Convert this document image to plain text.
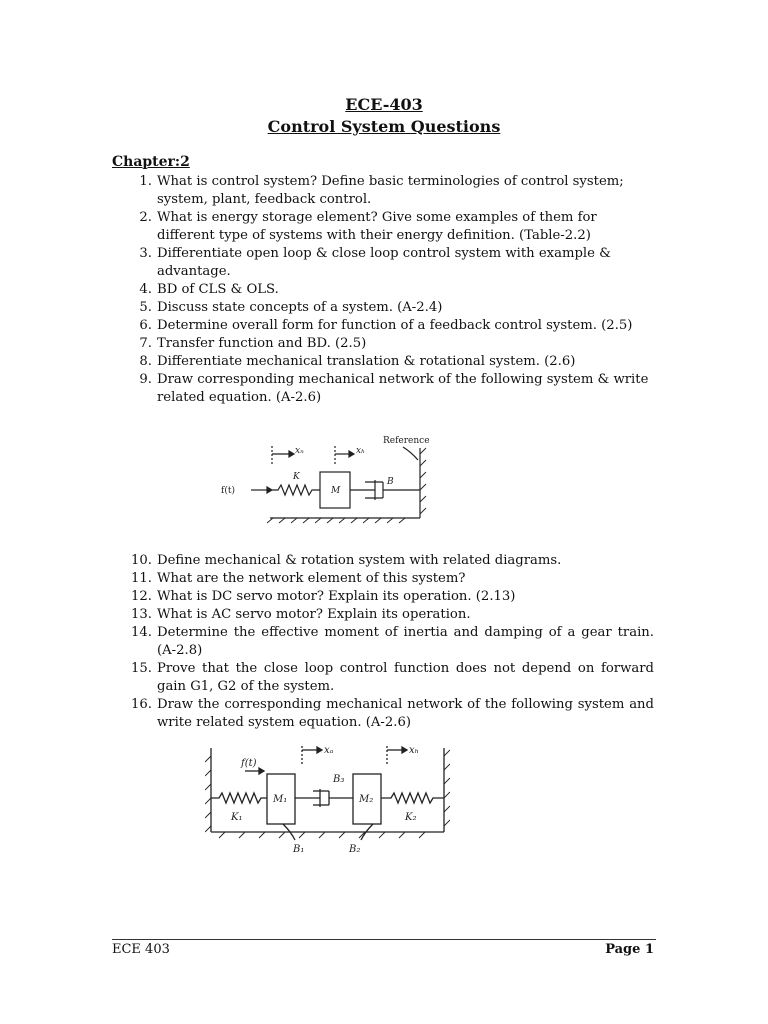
ECE-403
Control System Questions
Chapter:2
1. What is control system? Define basic terminologies of control system; system, plant, feedback control.
2. What is energy storage element? Give some examples of them for different type of systems with their energy definition. (Table-2.2)
3. Differentiate open loop & close loop control system with example & advantage.
4. BD of CLS & OLS.
5. Discuss state concepts of a system. (A-2.4)
6. Determine overall form for function of a feedback control system. (2.5)
7. Transfer function and BD. (2.5)
8. Differentiate mechanical translation & rotational system. (2.6)
9. Draw corresponding mechanical network of the following system & write related equation. (A-2.6)
Reference
xₙ	xₕ
K
M
B
f(t)
10. Define mechanical & rotation system with related diagrams.
11. What are the network element of this system?
12. What is DC servo motor? Explain its operation. (2.13)
13. What is AC servo motor? Explain its operation.
14. Determine the effective moment of inertia and damping of a gear train. (A-2.8)
15. Prove that the close loop control function does not depend on forward gain G1, G2 of the system.
16. Draw the corresponding mechanical network of the following system and write related system equation. (A-2.6)
f(t)
xₐ	xₕ
B₃
M₁	M₂
K₁	K₂
B₁	B₂
ECE 403	Page 1
